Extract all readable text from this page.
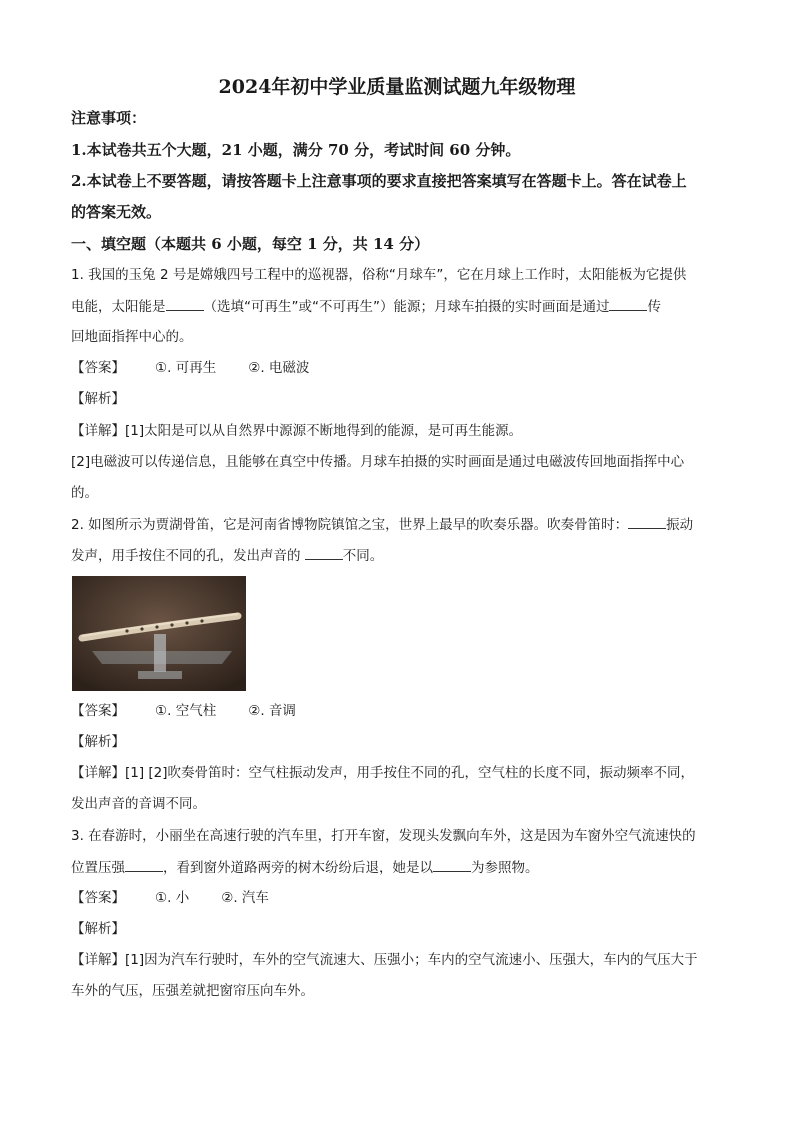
2024年初中学业质量监测试题九年级物理
注意事项：
1.本试卷共五个大题，21 小题，满分 70 分，考试时间 60 分钟。
2.本试卷上不要答题，请按答题卡上注意事项的要求直接把答案填写在答题卡上。答在试卷上
的答案无效。
一、填空题（本题共 6 小题，每空 1 分，共 14 分）
1. 我国的玉兔 2 号是嫦娥四号工程中的巡视器，俗称“月球车”，它在月球上工作时，太阳能板为它提供
电能，太阳能是	（选填“可再生”或“不可再生”）能源；月球车拍摄的实时画面是通过	传
回地面指挥中心的。
【答案】 ①. 可再生 ②. 电磁波
【解析】
【详解】[1]太阳是可以从自然界中源源不断地得到的能源，是可再生能源。
[2]电磁波可以传递信息，且能够在真空中传播。月球车拍摄的实时画面是通过电磁波传回地面指挥中心
的。
2. 如图所示为贾湖骨笛，它是河南省博物院镇馆之宝，世界上最早的吹奏乐器。吹奏骨笛时：	振动
发声，用手按住不同的孔，发出声音的	不同。
【答案】 ①. 空气柱 ②. 音调
【解析】
【详解】[1] [2]吹奏骨笛时：空气柱振动发声，用手按住不同的孔，空气柱的长度不同，振动频率不同，
发出声音的音调不同。
3. 在春游时，小丽坐在高速行驶的汽车里，打开车窗，发现头发飘向车外，这是因为车窗外空气流速快的
位置压强	，看到窗外道路两旁的树木纷纷后退，她是以	为参照物。
【答案】 ①. 小 ②. 汽车
【解析】
【详解】[1]因为汽车行驶时，车外的空气流速大、压强小；车内的空气流速小、压强大，车内的气压大于
车外的气压，压强差就把窗帘压向车外。
